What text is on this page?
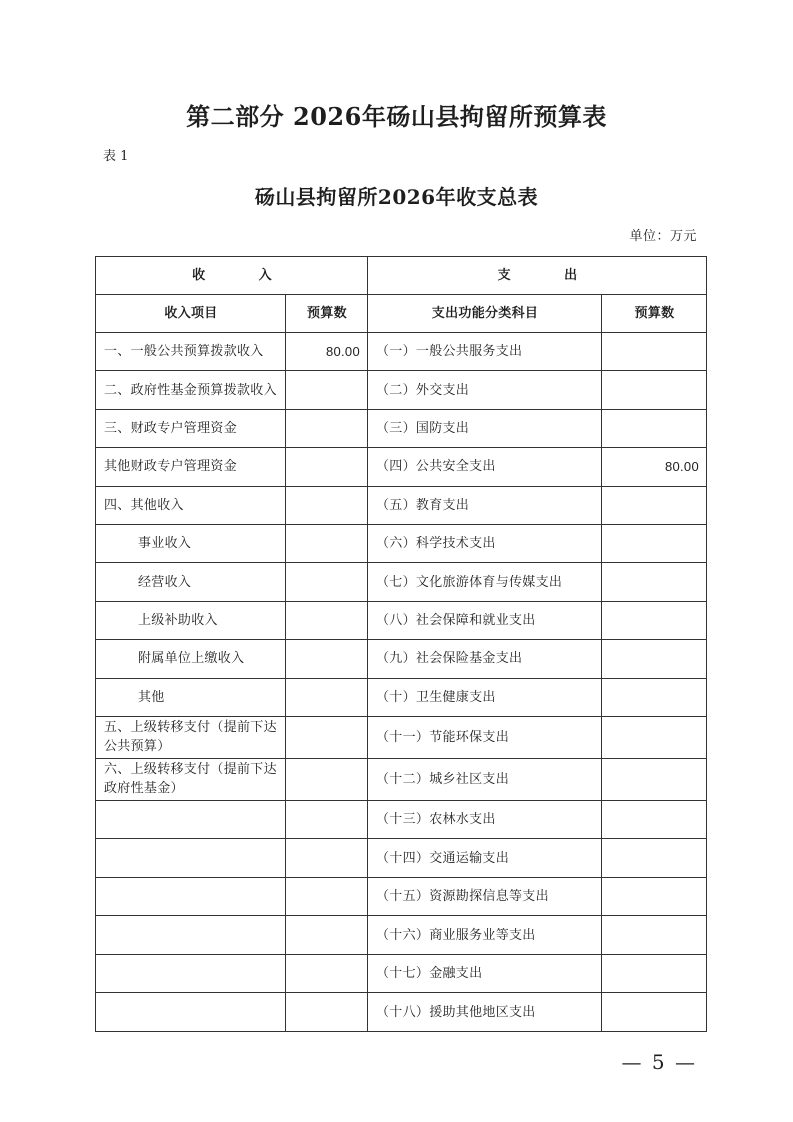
第二部分 2026年砀山县拘留所预算表
表 1
砀山县拘留所2026年收支总表
单位：万元
收　　　　入		支　　　　出	
收入项目	预算数	支出功能分类科目	预算数
一、一般公共预算拨款收入	80.00	（一）一般公共服务支出	
二、政府性基金预算拨款收入		（二）外交支出	
三、财政专户管理资金		（三）国防支出	
其他财政专户管理资金		（四）公共安全支出	80.00
四、其他收入		（五）教育支出	
事业收入		（六）科学技术支出	
经营收入		（七）文化旅游体育与传媒支出	
上级补助收入		（八）社会保障和就业支出	
附属单位上缴收入		（九）社会保险基金支出	
其他		（十）卫生健康支出	
五、上级转移支付（提前下达公共预算）		（十一）节能环保支出	
六、上级转移支付（提前下达政府性基金）		（十二）城乡社区支出	
		（十三）农林水支出	
		（十四）交通运输支出	
		（十五）资源勘探信息等支出	
		（十六）商业服务业等支出	
		（十七）金融支出	
		（十八）援助其他地区支出	
— 5 —
